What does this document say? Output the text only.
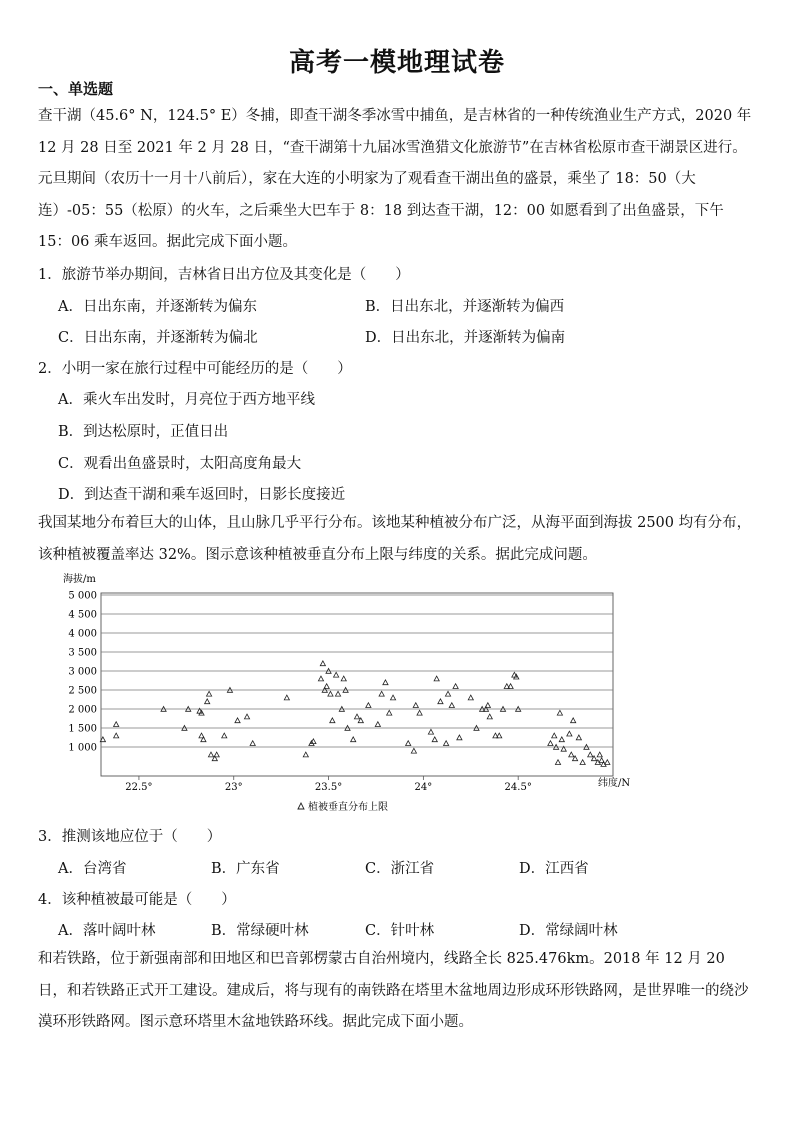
高考一模地理试卷
一、单选题
查干湖（45.6° N，124.5° E）冬捕，即查干湖冬季冰雪中捕鱼，是吉林省的一种传统渔业生产方式，2020 年 12 月 28 日至 2021 年 2 月 28 日，“查干湖第十九届冰雪渔猎文化旅游节”在吉林省松原市查干湖景区进行。元旦期间（农历十一月十八前后），家在大连的小明家为了观看查干湖出鱼的盛景，乘坐了 18：50（大连）-05：55（松原）的火车，之后乘坐大巴车于 8：18 到达查干湖，12：00 如愿看到了出鱼盛景，下午 15：06 乘车返回。据此完成下面小题。
1．旅游节举办期间，吉林省日出方位及其变化是（　　）
A．日出东南，并逐渐转为偏东	B．日出东北，并逐渐转为偏西
C．日出东南，并逐渐转为偏北	D．日出东北，并逐渐转为偏南
2．小明一家在旅行过程中可能经历的是（　　）
A．乘火车出发时，月亮位于西方地平线
B．到达松原时，正值日出
C．观看出鱼盛景时，太阳高度角最大
D．到达查干湖和乘车返回时，日影长度接近
我国某地分布着巨大的山体，且山脉几乎平行分布。该地某种植被分布广泛，从海平面到海拔 2500 均有分布，该种植被覆盖率达 32%。图示意该种植被垂直分布上限与纬度的关系。据此完成问题。
海拔/m
1 000
1 500
2 000
2 500
3 000
3 500
4 000
4 500
5 000
22.5°	23°	23.5°	24°	24.5°	纬度/N
植被垂直分布上限
3．推测该地应位于（　　）
A．台湾省	B．广东省	C．浙江省	D．江西省
4．该种植被最可能是（　　）
A．落叶阔叶林	B．常绿硬叶林	C．针叶林	D．常绿阔叶林
和若铁路，位于新强南部和田地区和巴音郭楞蒙古自治州境内，线路全长 825.476km。2018 年 12 月 20 日，和若铁路正式开工建设。建成后，将与现有的南铁路在塔里木盆地周边形成环形铁路网，是世界唯一的绕沙漠环形铁路网。图示意环塔里木盆地铁路环线。据此完成下面小题。
